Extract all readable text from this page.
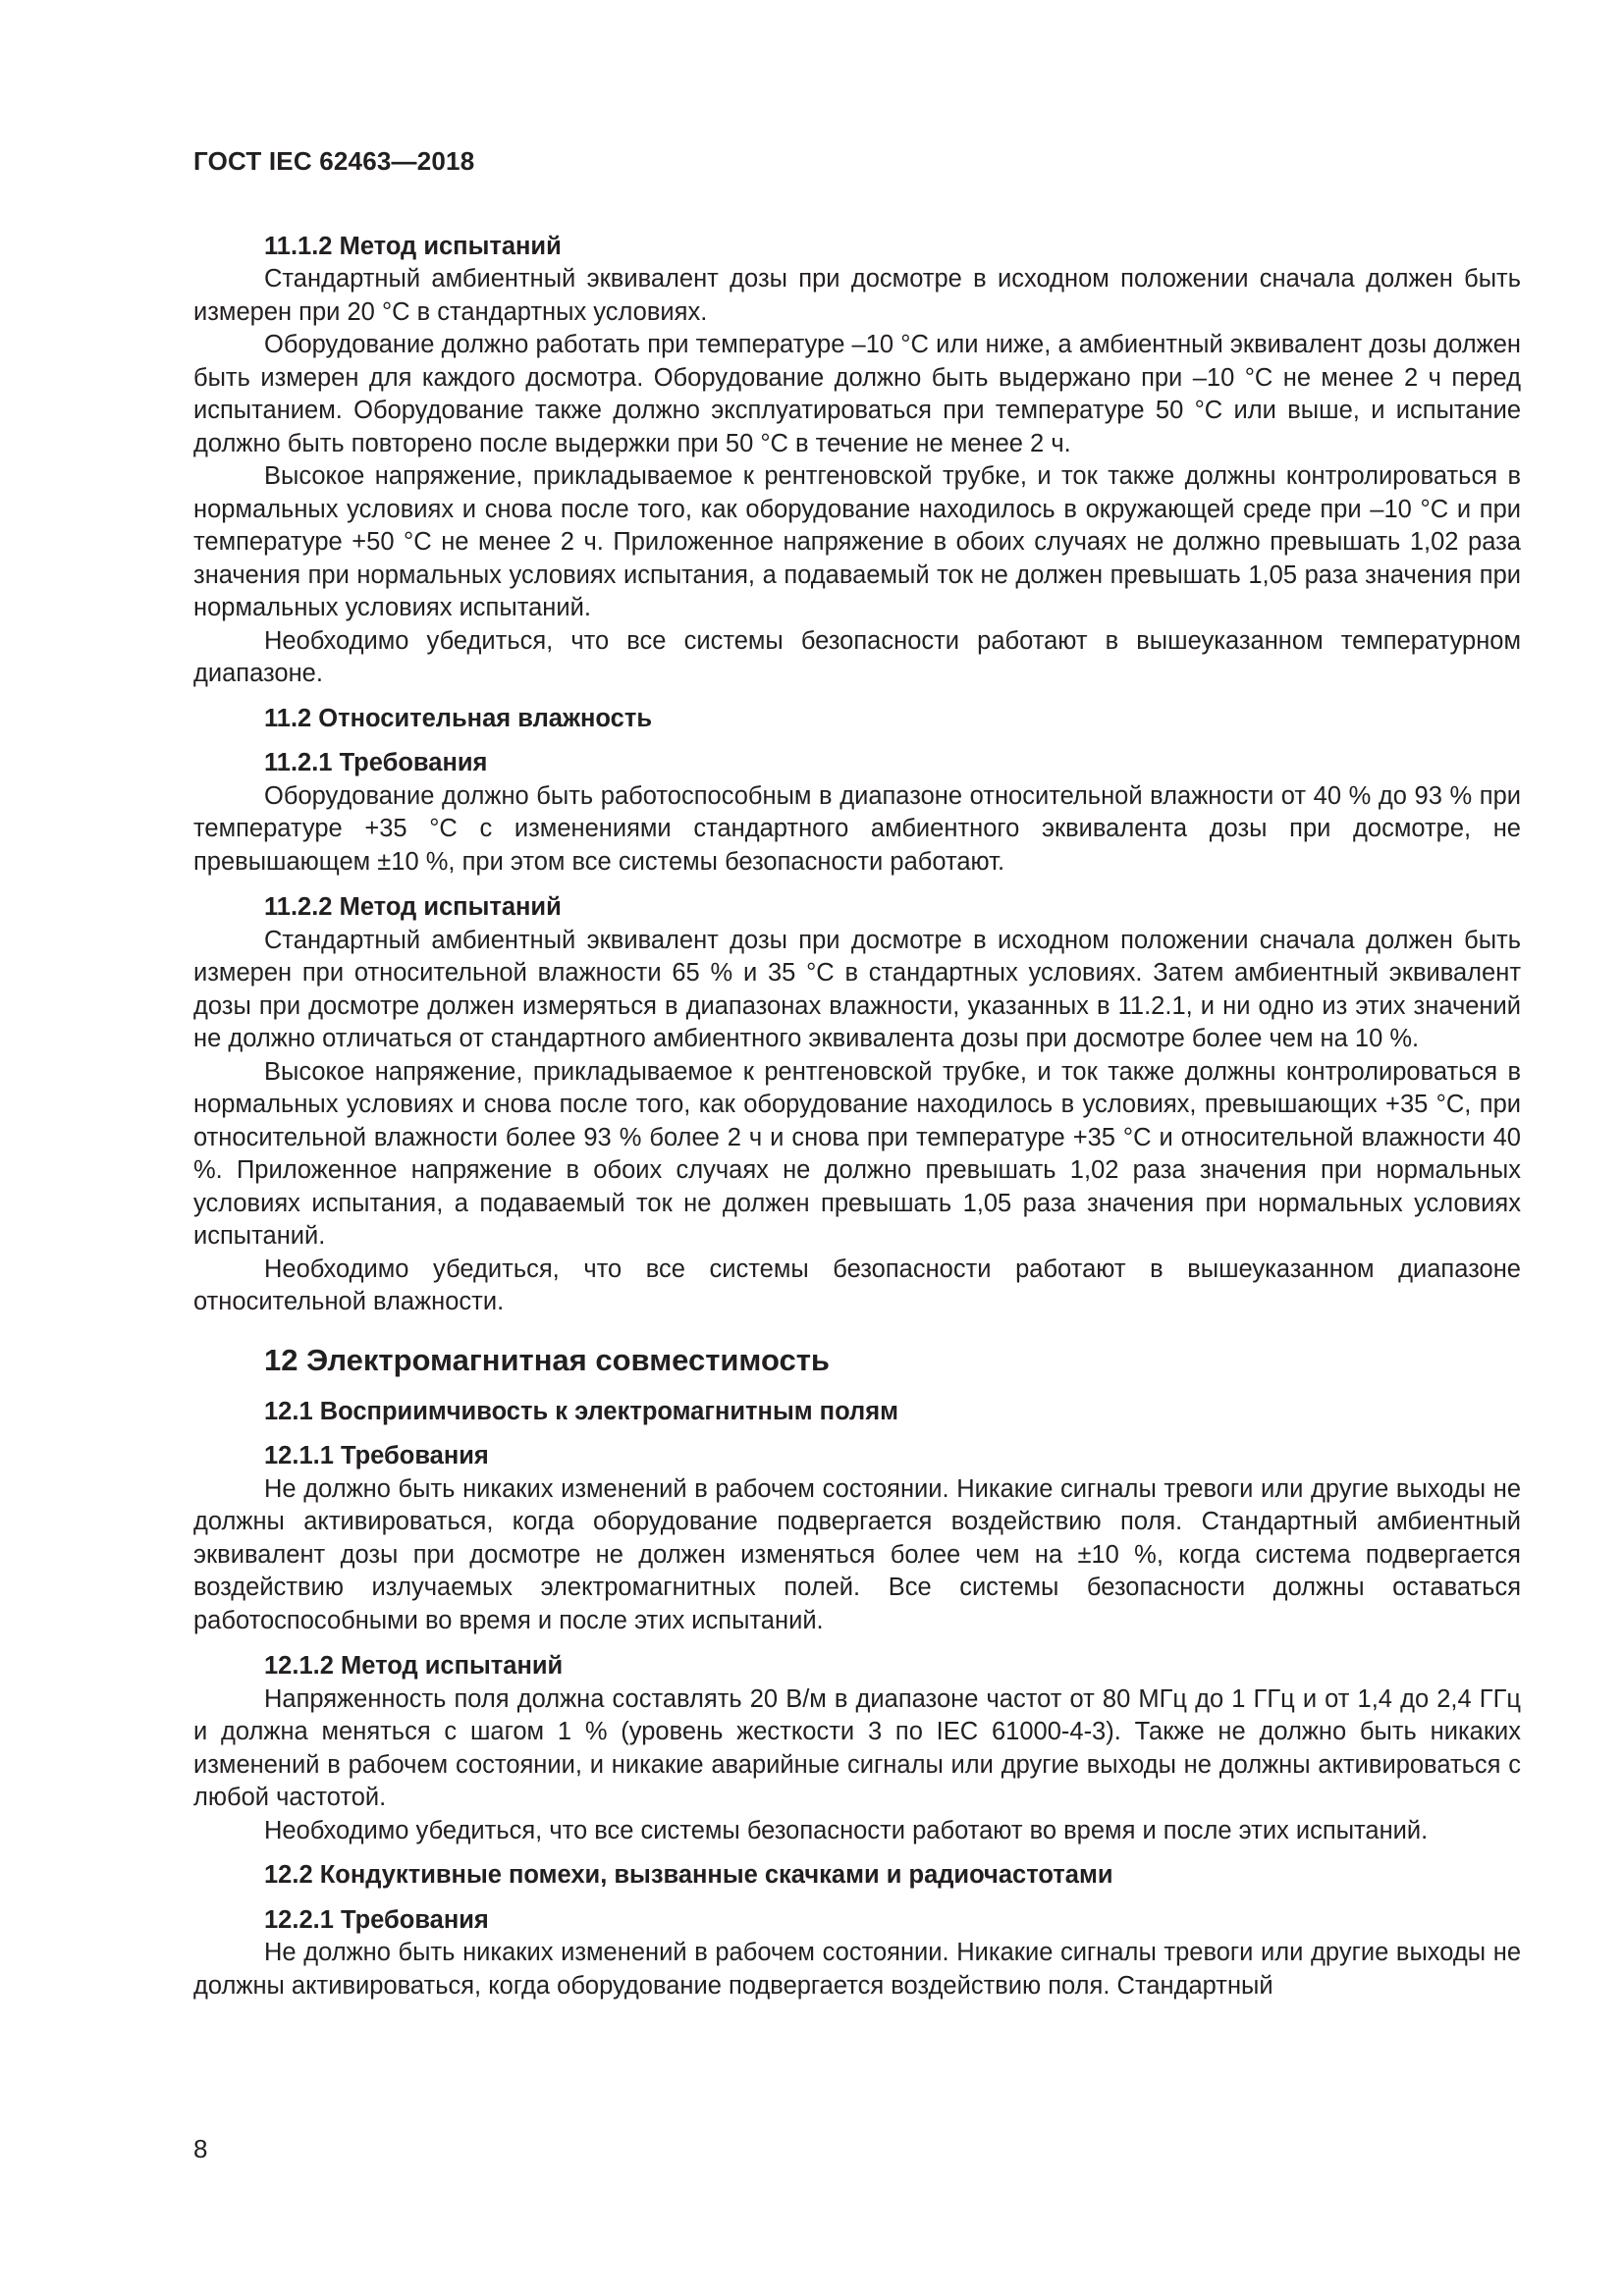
ГОСТ IEC 62463—2018
11.1.2 Метод испытаний

Стандартный амбиентный эквивалент дозы при досмотре в исходном положении сначала должен быть измерен при 20 °С в стандартных условиях.

Оборудование должно работать при температуре –10 °С или ниже, а амбиентный эквивалент дозы должен быть измерен для каждого досмотра. Оборудование должно быть выдержано при –10 °С не менее 2 ч перед испытанием. Оборудование также должно эксплуатироваться при температуре 50 °С или выше, и испытание должно быть повторено после выдержки при 50 °С в течение не менее 2 ч.

Высокое напряжение, прикладываемое к рентгеновской трубке, и ток также должны контролироваться в нормальных условиях и снова после того, как оборудование находилось в окружающей среде при –10 °С и при температуре +50 °С не менее 2 ч. Приложенное напряжение в обоих случаях не должно превышать 1,02 раза значения при нормальных условиях испытания, а подаваемый ток не должен превышать 1,05 раза значения при нормальных условиях испытаний.

Необходимо убедиться, что все системы безопасности работают в вышеуказанном температурном диапазоне.

11.2 Относительная влажность
11.2.1 Требования

Оборудование должно быть работоспособным в диапазоне относительной влажности от 40 % до 93 % при температуре +35 °С с изменениями стандартного амбиентного эквивалента дозы при досмотре, не превышающем ±10 %, при этом все системы безопасности работают.

11.2.2 Метод испытаний

Стандартный амбиентный эквивалент дозы при досмотре в исходном положении сначала должен быть измерен при относительной влажности 65 % и 35 °С в стандартных условиях. Затем амбиентный эквивалент дозы при досмотре должен измеряться в диапазонах влажности, указанных в 11.2.1, и ни одно из этих значений не должно отличаться от стандартного амбиентного эквивалента дозы при досмотре более чем на 10 %.

Высокое напряжение, прикладываемое к рентгеновской трубке, и ток также должны контролироваться в нормальных условиях и снова после того, как оборудование находилось в условиях, превышающих +35 °С, при относительной влажности более 93 % более 2 ч и снова при температуре +35 °С и относительной влажности 40 %. Приложенное напряжение в обоих случаях не должно превышать 1,02 раза значения при нормальных условиях испытания, а подаваемый ток не должен превышать 1,05 раза значения при нормальных условиях испытаний.

Необходимо убедиться, что все системы безопасности работают в вышеуказанном диапазоне относительной влажности.

12 Электромагнитная совместимость
12.1 Восприимчивость к электромагнитным полям
12.1.1 Требования

Не должно быть никаких изменений в рабочем состоянии. Никакие сигналы тревоги или другие выходы не должны активироваться, когда оборудование подвергается воздействию поля. Стандартный амбиентный эквивалент дозы при досмотре не должен изменяться более чем на ±10 %, когда система подвергается воздействию излучаемых электромагнитных полей. Все системы безопасности должны оставаться работоспособными во время и после этих испытаний.

12.1.2 Метод испытаний

Напряженность поля должна составлять 20 В/м в диапазоне частот от 80 МГц до 1 ГГц и от 1,4 до 2,4 ГГц и должна меняться с шагом 1 % (уровень жесткости 3 по IEC 61000-4-3). Также не должно быть никаких изменений в рабочем состоянии, и никакие аварийные сигналы или другие выходы не должны активироваться с любой частотой.

Необходимо убедиться, что все системы безопасности работают во время и после этих испытаний.

12.2 Кондуктивные помехи, вызванные скачками и радиочастотами
12.2.1 Требования

Не должно быть никаких изменений в рабочем состоянии. Никакие сигналы тревоги или другие выходы не должны активироваться, когда оборудование подвергается воздействию поля. Стандартный

8
